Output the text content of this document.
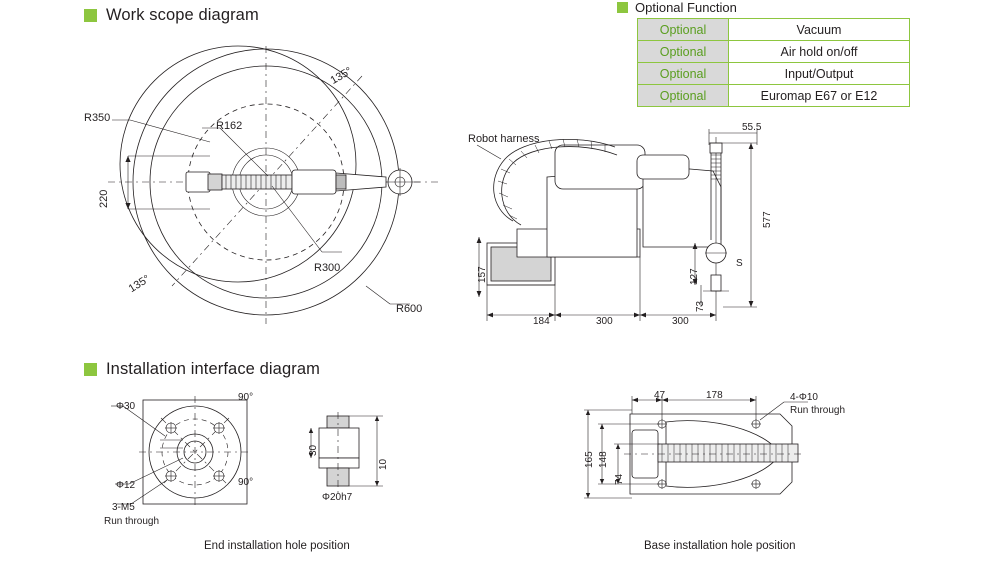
Work scope diagram	Optional Function
Optional	Vacuum
Optional	Air hold on/off
Optional	Input/Output
Optional	Euromap E67 or E12
R350
R162
R300
R600
135°
135°
220
Robot harness
55.5
577
157	127
73
184	300	300
S
Installation interface diagram
Φ30
Φ12
3-M5
Run through
90°
90°
30
10
Φ20h7
47	178	4-Φ10
Run through
165 148
74
End installation hole position	Base installation hole position
